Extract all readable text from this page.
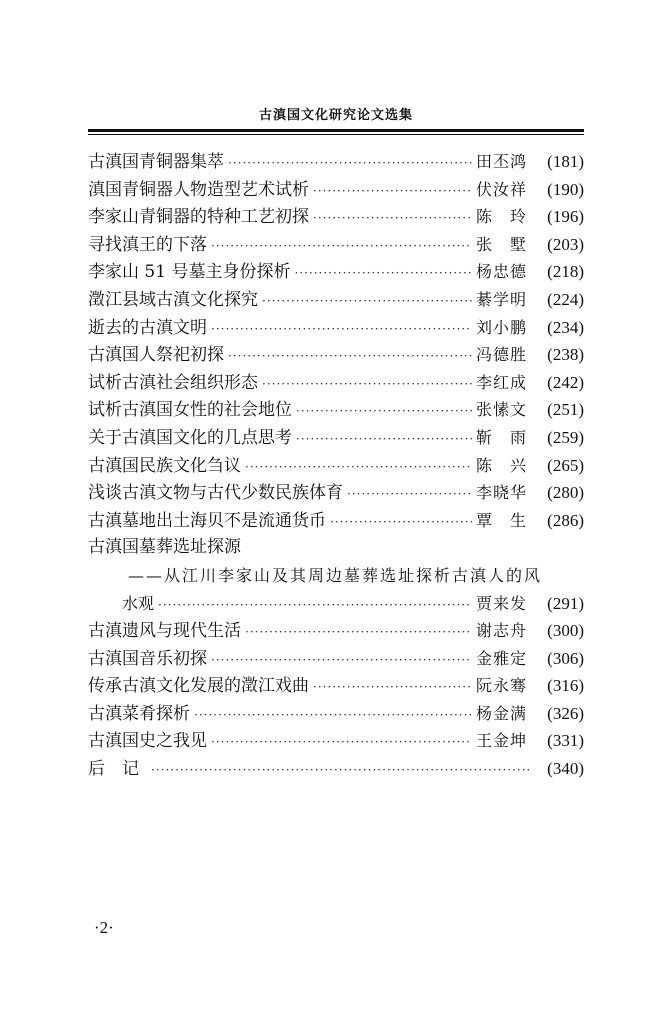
古滇国文化研究论文选集
古滇国青铜器集萃 ·····	田丕鸿	(181)
滇国青铜器人物造型艺术试析 ·····	伏汝祥	(190)
李家山青铜器的特种工艺初探 ·····	陈　玲	(196)
寻找滇王的下落 ·····	张　墅	(203)
李家山 51 号墓主身份探析 ·····	杨忠德	(218)
澂江县域古滇文化探究 ·····	綦学明	(224)
逝去的古滇文明 ·····	刘小鹏	(234)
古滇国人祭祀初探 ·····	冯德胜	(238)
试析古滇社会组织形态 ·····	李红成	(242)
试析古滇国女性的社会地位 ·····	张愫文	(251)
关于古滇国文化的几点思考 ·····	靳　雨	(259)
古滇国民族文化刍议 ·····	陈　兴	(265)
浅谈古滇文物与古代少数民族体育 ·····	李晓华	(280)
古滇墓地出土海贝不是流通货币 ·····	覃　生	(286)
古滇国墓葬选址探源
——从江川李家山及其周边墓葬选址探析古滇人的风
水观 ·····	贾来发	(291)
古滇遗风与现代生活 ·····	谢志舟	(300)
古滇国音乐初探 ·····	金雅定	(306)
传承古滇文化发展的澂江戏曲 ·····	阮永骞	(316)
古滇菜肴探析 ·····	杨金满	(326)
古滇国史之我见 ·····	王金坤	(331)
后　记 ·····	(340)
·2·
